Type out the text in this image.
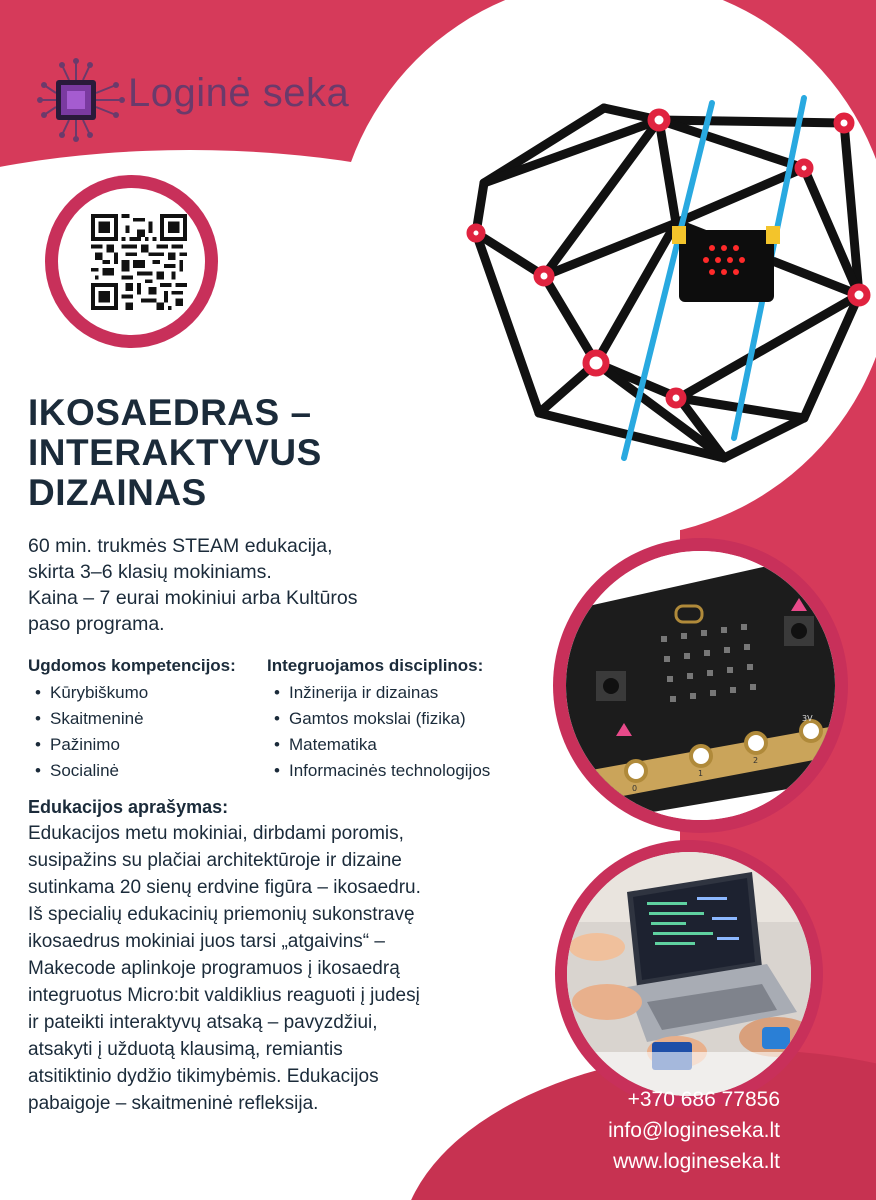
Loginė seka
0
1
2
3V
IKOSAEDRAS –
INTERAKTYVUS
DIZAINAS
60 min. trukmės STEAM edukacija,
skirta 3–6 klasių mokiniams.
Kaina – 7 eurai mokiniui arba Kultūros
paso programa.
Ugdomos kompetencijos:
• Kūrybiškumo
• Skaitmeninė
• Pažinimo
• Socialinė
Integruojamos disciplinos:
• Inžinerija ir dizainas
• Gamtos mokslai (fizika)
• Matematika
• Informacinės technologijos
Edukacijos aprašymas:
Edukacijos metu mokiniai, dirbdami poromis,
susipažins su plačiai architektūroje ir dizaine
sutinkama 20 sienų erdvine figūra – ikosaedru.
Iš specialių edukacinių priemonių sukonstravę
ikosaedrus mokiniai juos tarsi „atgaivins“ –
Makecode aplinkoje programuos į ikosaedrą
integruotus Micro:bit valdiklius reaguoti į judesį
ir pateikti interaktyvų atsaką – pavyzdžiui,
atsakyti į užduotą klausimą, remiantis
atsitiktinio dydžio tikimybėmis. Edukacijos
pabaigoje – skaitmeninė refleksija.	+370 686 77856
info@logineseka.lt
www.logineseka.lt
